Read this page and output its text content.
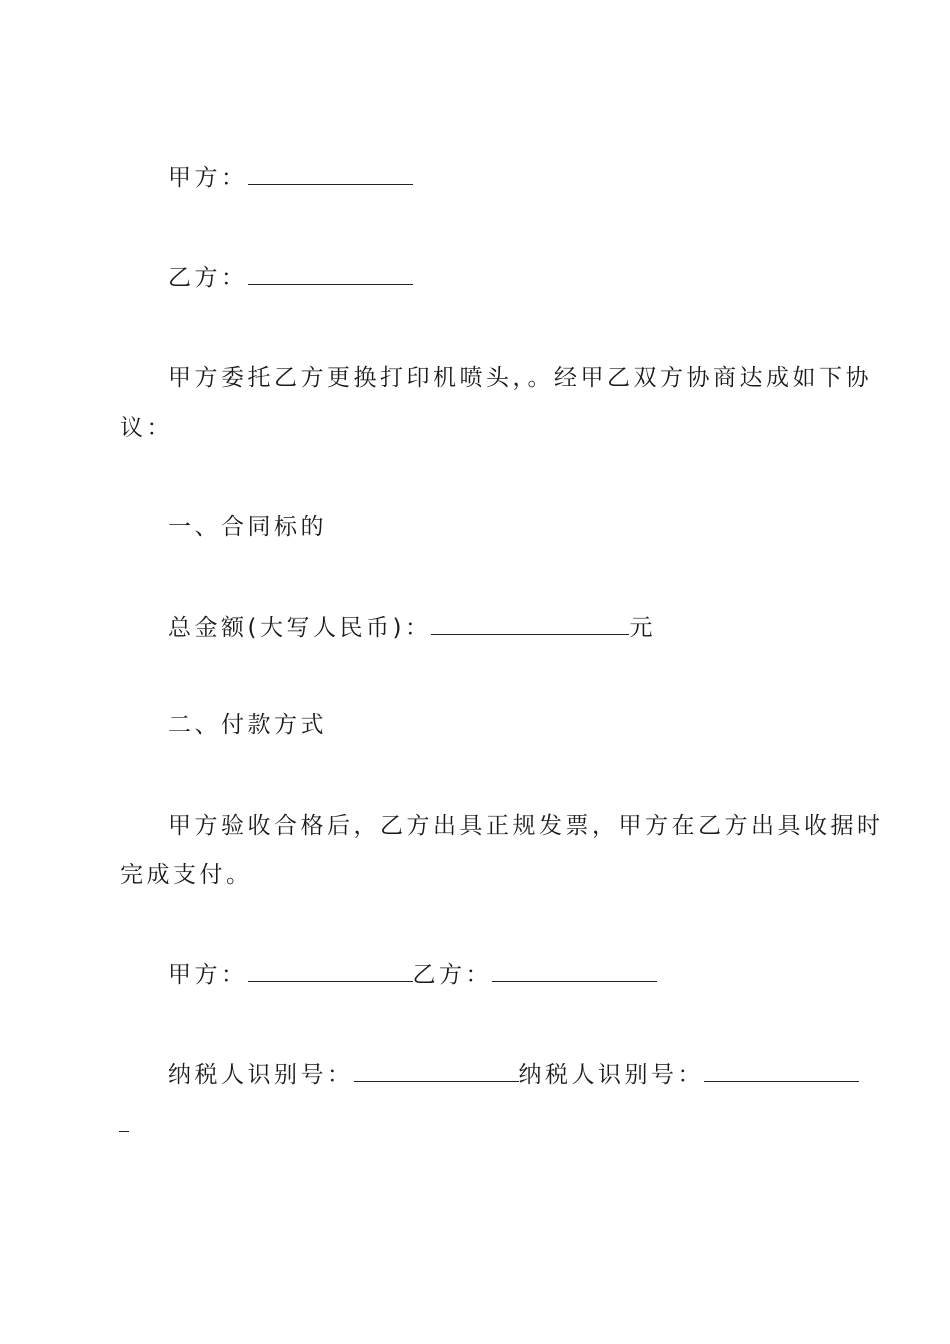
甲方：
乙方：
甲方委托乙方更换打印机喷头，。经甲乙双方协商达成如下协
议：
一、合同标的
总金额(大写人民币)：	元
二、付款方式
甲方验收合格后，乙方出具正规发票，甲方在乙方出具收据时
完成支付。
甲方：	乙方：
纳税人识别号：	纳税人识别号：
